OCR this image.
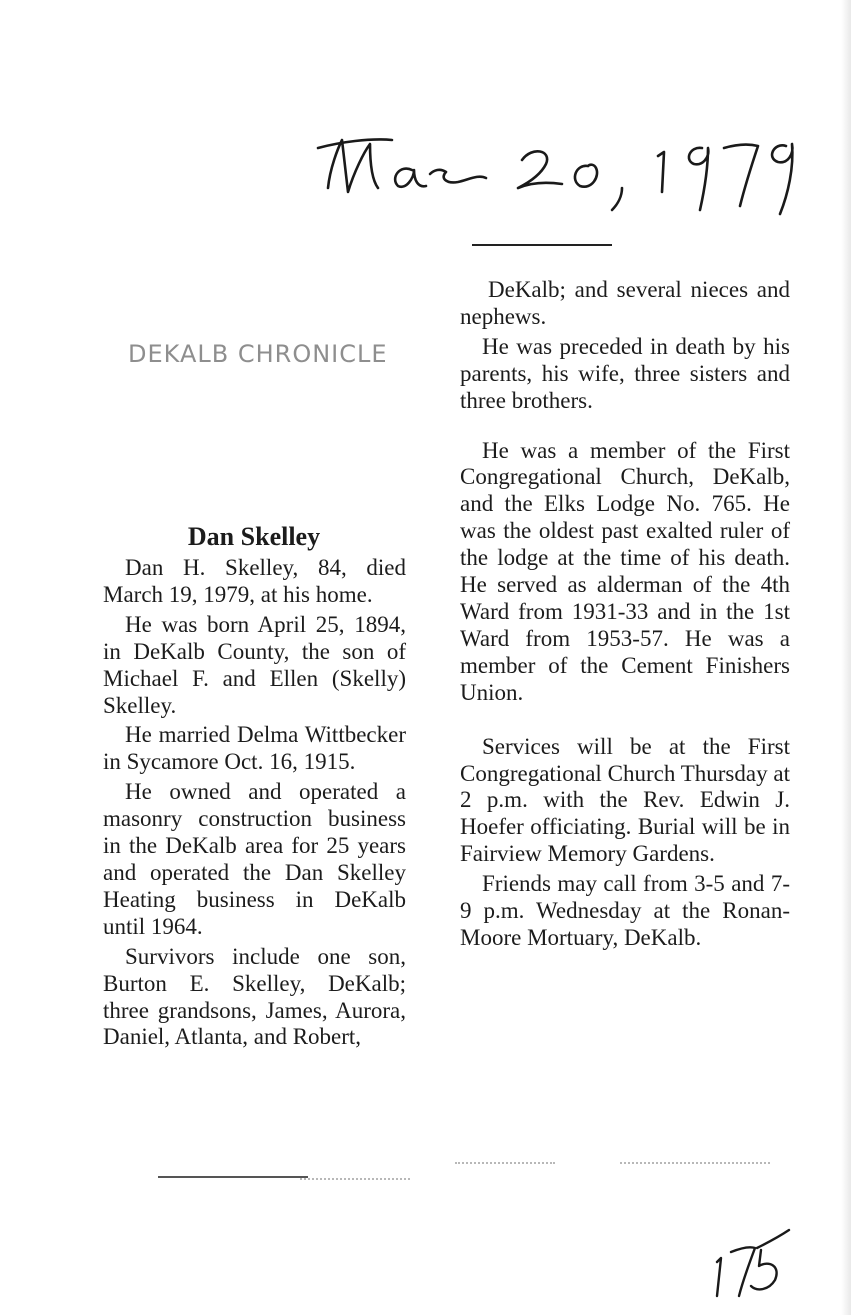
DEKALB CHRONICLE
Dan Skelley

Dan H. Skelley, 84, died March 19, 1979, at his home.

He was born April 25, 1894, in DeKalb County, the son of Michael F. and Ellen (Skelly) Skelley.

He married Delma Wittbecker in Sycamore Oct. 16, 1915.

He owned and operated a masonry construction business in the DeKalb area for 25 years and operated the Dan Skelley Heating business in DeKalb until 1964.

Survivors include one son, Burton E. Skelley, DeKalb; three grandsons, James, Aurora, Daniel, Atlanta, and Robert,

DeKalb; and several nieces and nephews.

He was preceded in death by his parents, his wife, three sisters and three brothers.

He was a member of the First Congregational Church, DeKalb, and the Elks Lodge No. 765. He was the oldest past exalted ruler of the lodge at the time of his death. He served as alderman of the 4th Ward from 1931-33 and in the 1st Ward from 1953-57. He was a member of the Cement Finishers Union.

Services will be at the First Congregational Church Thursday at 2 p.m. with the Rev. Edwin J. Hoefer officiating. Burial will be in Fairview Memory Gardens.

Friends may call from 3-5 and 7-9 p.m. Wednesday at the Ronan-Moore Mortuary, DeKalb.
